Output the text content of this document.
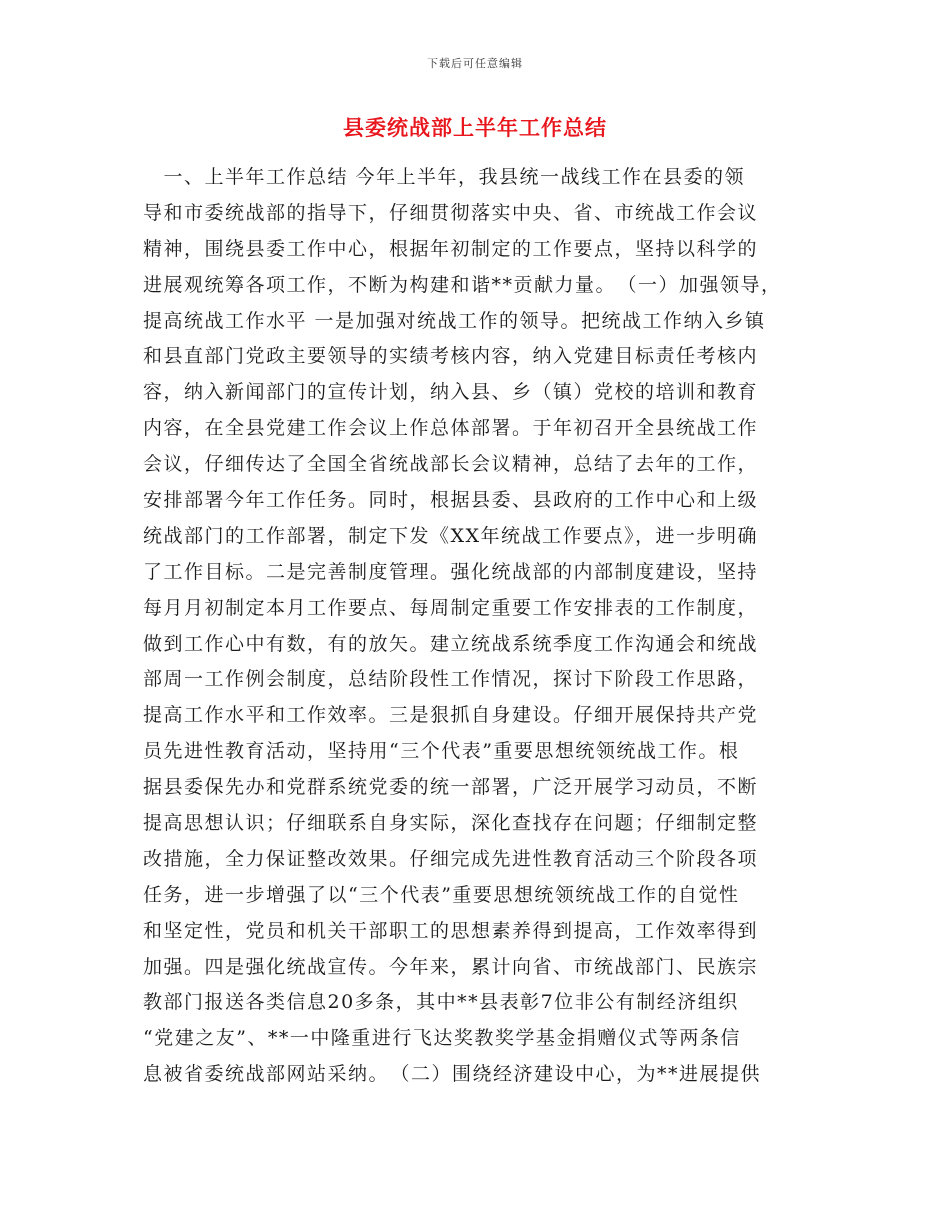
下载后可任意编辑
县委统战部上半年工作总结
　一、上半年工作总结 今年上半年，我县统一战线工作在县委的领
导和市委统战部的指导下，仔细贯彻落实中央、省、市统战工作会议
精神，围绕县委工作中心，根据年初制定的工作要点，坚持以科学的
进展观统筹各项工作，不断为构建和谐**贡献力量。　（一）加强领导，
提高统战工作水平 一是加强对统战工作的领导。把统战工作纳入乡镇
和县直部门党政主要领导的实绩考核内容，纳入党建目标责任考核内
容，纳入新闻部门的宣传计划，纳入县、乡（镇）党校的培训和教育
内容，在全县党建工作会议上作总体部署。于年初召开全县统战工作
会议，仔细传达了全国全省统战部长会议精神，总结了去年的工作，
安排部署今年工作任务。同时，根据县委、县政府的工作中心和上级
统战部门的工作部署，制定下发《XX年统战工作要点》，进一步明确
了工作目标。二是完善制度管理。强化统战部的内部制度建设，坚持
每月月初制定本月工作要点、每周制定重要工作安排表的工作制度，
做到工作心中有数，有的放矢。建立统战系统季度工作沟通会和统战
部周一工作例会制度，总结阶段性工作情况，探讨下阶段工作思路，
提高工作水平和工作效率。三是狠抓自身建设。仔细开展保持共产党
员先进性教育活动，坚持用“三个代表”重要思想统领统战工作。根
据县委保先办和党群系统党委的统一部署，广泛开展学习动员，不断
提高思想认识；仔细联系自身实际，深化查找存在问题；仔细制定整
改措施，全力保证整改效果。仔细完成先进性教育活动三个阶段各项
任务，进一步增强了以“三个代表”重要思想统领统战工作的自觉性
和坚定性，党员和机关干部职工的思想素养得到提高，工作效率得到
加强。四是强化统战宣传。今年来，累计向省、市统战部门、民族宗
教部门报送各类信息20多条，其中**县表彰7位非公有制经济组织
“党建之友”、**一中隆重进行飞达奖教奖学基金捐赠仪式等两条信
息被省委统战部网站采纳。　（二）围绕经济建设中心，为**进展提供
